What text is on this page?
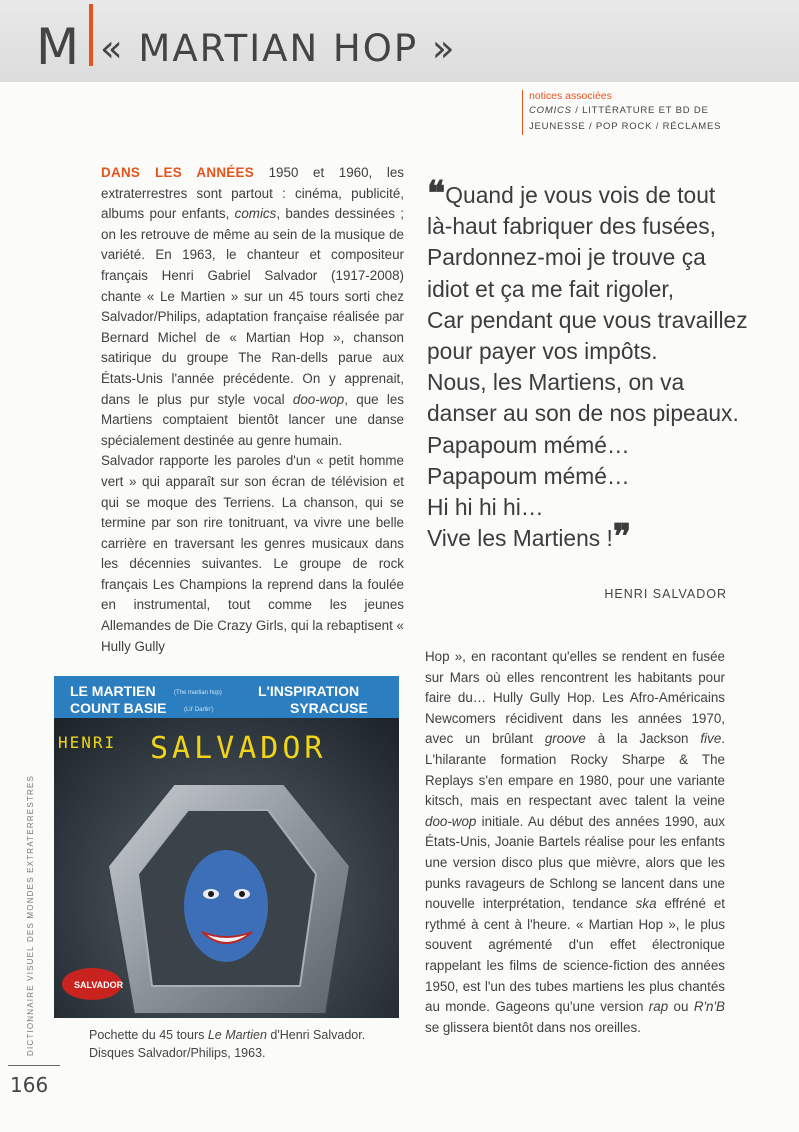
M « MARTIAN HOP »
notices associées
COMICS / LITTÉRATURE ET BD DE JEUNESSE / POP ROCK / RÉCLAMES

DANS LES ANNÉES 1950 et 1960, les extraterrestres sont partout : cinéma, publicité, albums pour enfants, comics, bandes dessinées ; on les retrouve de même au sein de la musique de variété. En 1963, le chanteur et compositeur français Henri Gabriel Salvador (1917-2008) chante « Le Martien » sur un 45 tours sorti chez Salvador/Philips, adaptation française réalisée par Bernard Michel de « Martian Hop », chanson satirique du groupe The Ran-dells parue aux États-Unis l'année précédente. On y apprenait, dans le plus pur style vocal doo-wop, que les Martiens comptaient bientôt lancer une danse spécialement destinée au genre humain.

Salvador rapporte les paroles d'un « petit homme vert » qui apparaît sur son écran de télévision et qui se moque des Terriens. La chanson, qui se termine par son rire tonitruant, va vivre une belle carrière en traversant les genres musicaux dans les décennies suivantes. Le groupe de rock français Les Champions la reprend dans la foulée en instrumental, tout comme les jeunes Allemandes de Die Crazy Girls, qui la rebaptisent « Hully Gully

❝Quand je vous vois de tout
là-haut fabriquer des fusées,
Pardonnez-moi je trouve ça
idiot et ça me fait rigoler,
Car pendant que vous travaillez
pour payer vos impôts.
Nous, les Martiens, on va
danser au son de nos pipeaux.
Papapoum mémé…
Papapoum mémé…
Hi hi hi hi…
Vive les Martiens !❞
HENRI SALVADOR

Hop », en racontant qu'elles se rendent en fusée sur Mars où elles rencontrent les habitants pour faire du… Hully Gully Hop. Les Afro-Américains Newcomers récidivent dans les années 1970, avec un brûlant groove à la Jackson five. L'hilarante formation Rocky Sharpe & The Replays s'en empare en 1980, pour une variante kitsch, mais en respectant avec talent la veine doo-wop initiale. Au début des années 1990, aux États-Unis, Joanie Bartels réalise pour les enfants une version disco plus que mièvre, alors que les punks ravageurs de Schlong se lancent dans une nouvelle interprétation, tendance ska effréné et rythmé à cent à l'heure. « Martian Hop », le plus souvent agrémenté d'un effet électronique rappelant les films de science-fiction des années 1950, est l'un des tubes martiens les plus chantés au monde. Gageons qu'une version rap ou R'n'B se glissera bientôt dans nos oreilles.

LE MARTIEN	(The martian hop)
COUNT BASIE	(Lil' Darlin')
L'INSPIRATION
SYRACUSE
HENRI SALVADOR
SALVADOR
Pochette du 45 tours Le Martien d'Henri Salvador. Disques Salvador/Philips, 1963.
DICTIONNAIRE VISUEL DES MONDES EXTRATERRESTRES
166
